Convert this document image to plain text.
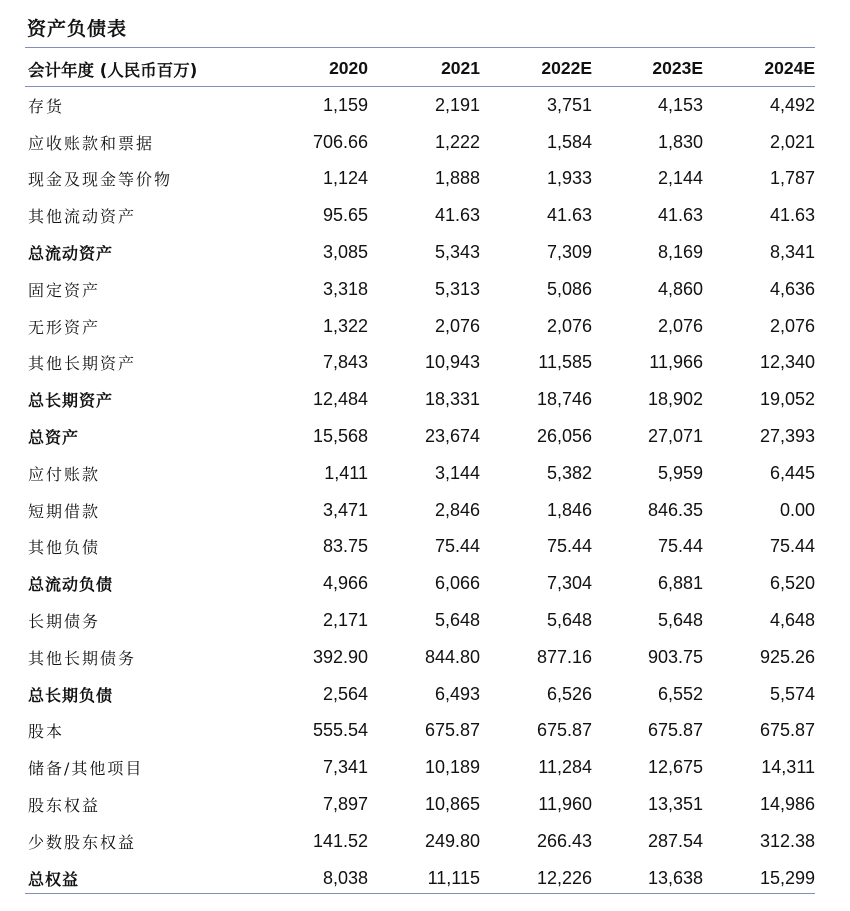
资产负债表
会计年度 (人民币百万)	2020	2021	2022E	2023E	2024E
存货	1,159	2,191	3,751	4,153	4,492
应收账款和票据	706.66	1,222	1,584	1,830	2,021
现金及现金等价物	1,124	1,888	1,933	2,144	1,787
其他流动资产	95.65	41.63	41.63	41.63	41.63
总流动资产	3,085	5,343	7,309	8,169	8,341
固定资产	3,318	5,313	5,086	4,860	4,636
无形资产	1,322	2,076	2,076	2,076	2,076
其他长期资产	7,843	10,943	11,585	11,966	12,340
总长期资产	12,484	18,331	18,746	18,902	19,052
总资产	15,568	23,674	26,056	27,071	27,393
应付账款	1,411	3,144	5,382	5,959	6,445
短期借款	3,471	2,846	1,846	846.35	0.00
其他负债	83.75	75.44	75.44	75.44	75.44
总流动负债	4,966	6,066	7,304	6,881	6,520
长期债务	2,171	5,648	5,648	5,648	4,648
其他长期债务	392.90	844.80	877.16	903.75	925.26
总长期负债	2,564	6,493	6,526	6,552	5,574
股本	555.54	675.87	675.87	675.87	675.87
储备/其他项目	7,341	10,189	11,284	12,675	14,311
股东权益	7,897	10,865	11,960	13,351	14,986
少数股东权益	141.52	249.80	266.43	287.54	312.38
总权益	8,038	11,115	12,226	13,638	15,299
